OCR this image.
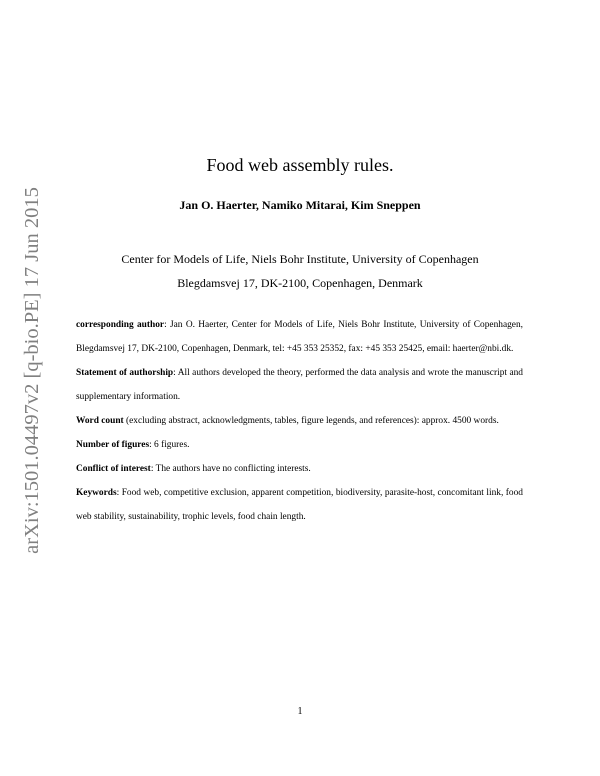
arXiv:1501.04497v2 [q-bio.PE] 17 Jun 2015
Food web assembly rules.
Jan O. Haerter, Namiko Mitarai, Kim Sneppen
Center for Models of Life, Niels Bohr Institute, University of Copenhagen
Blegdamsvej 17, DK-2100, Copenhagen, Denmark

corresponding author: Jan O. Haerter, Center for Models of Life, Niels Bohr Institute, University of Copenhagen, Blegdamsvej 17, DK-2100, Copenhagen, Denmark, tel: +45 353 25352, fax: +45 353 25425, email: haerter@nbi.dk.

Statement of authorship: All authors developed the theory, performed the data analysis and wrote the manuscript and supplementary information.

Word count (excluding abstract, acknowledgments, tables, figure legends, and references): approx. 4500 words.

Number of figures: 6 figures.

Conflict of interest: The authors have no conflicting interests.

Keywords: Food web, competitive exclusion, apparent competition, biodiversity, parasite-host, concomitant link, food web stability, sustainability, trophic levels, food chain length.

1
